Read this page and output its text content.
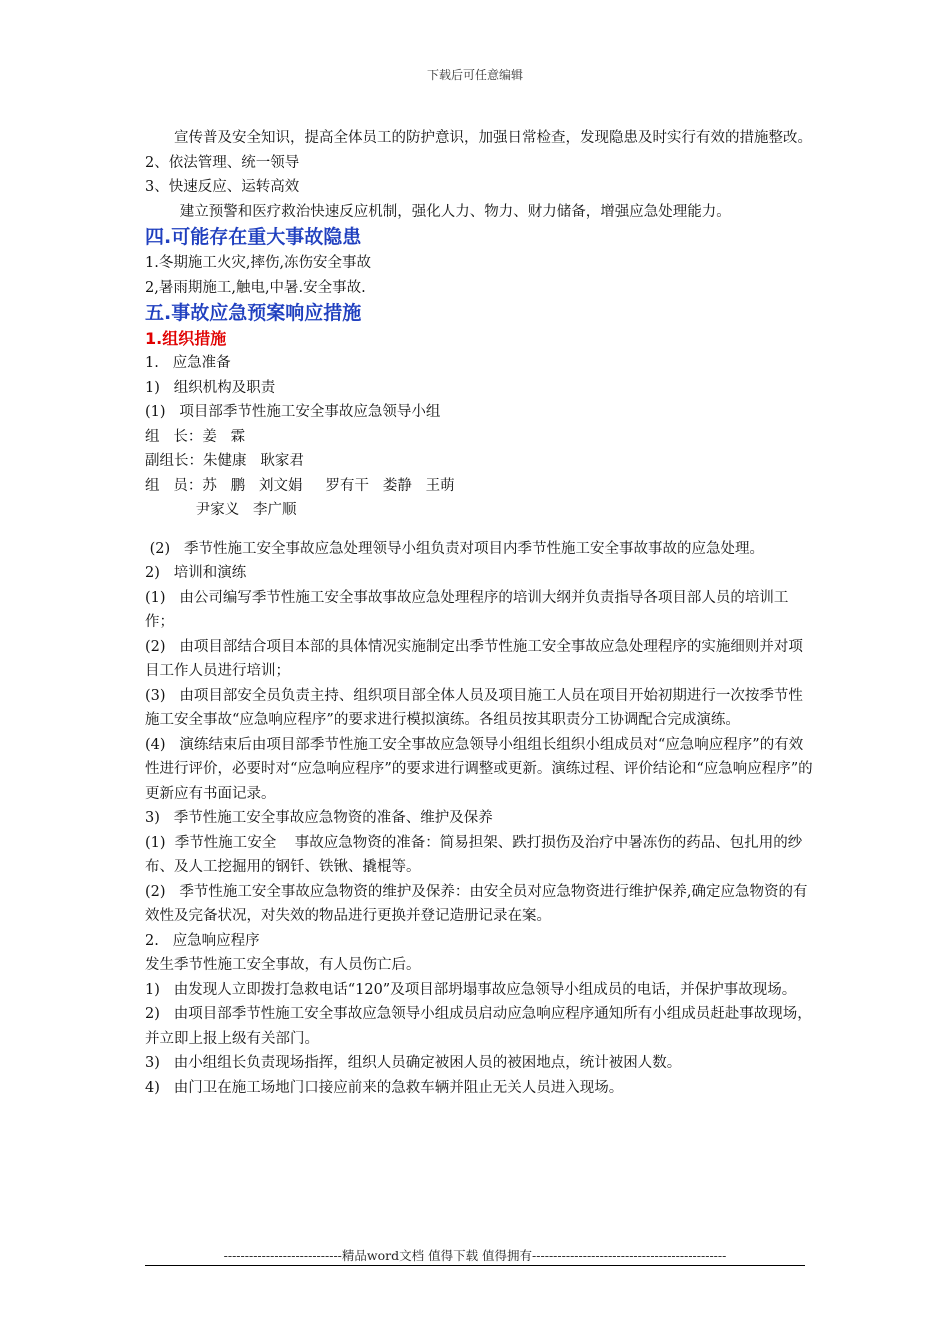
下载后可任意编辑
宣传普及安全知识，提高全体员工的防护意识，加强日常检查，发现隐患及时实行有效的措施整改。
2、依法管理、统一领导
3、快速反应、运转高效
建立预警和医疗救治快速反应机制，强化人力、物力、财力储备，增强应急处理能力。
四.可能存在重大事故隐患
1.冬期施工火灾,摔伤,冻伤安全事故
2,暑雨期施工,触电,中暑.安全事故.
五.事故应急预案响应措施
1.组织措施
1.   应急准备
1)   组织机构及职责
(1)   项目部季节性施工安全事故应急领导小组
组   长：姜   霖
副组长：朱健康   耿家君
组   员：苏   鹏   刘文娟     罗有干   娄静   王萌
尹家义   李广顺
(2)   季节性施工安全事故应急处理领导小组负责对项目内季节性施工安全事故事故的应急处理。
2)   培训和演练
(1)   由公司编写季节性施工安全事故事故应急处理程序的培训大纲并负责指导各项目部人员的培训工作；
(2)   由项目部结合项目本部的具体情况实施制定出季节性施工安全事故应急处理程序的实施细则并对项目工作人员进行培训；
(3)   由项目部安全员负责主持、组织项目部全体人员及项目施工人员在项目开始初期进行一次按季节性施工安全事故“应急响应程序”的要求进行模拟演练。各组员按其职责分工协调配合完成演练。
(4)   演练结束后由项目部季节性施工安全事故应急领导小组组长组织小组成员对“应急响应程序”的有效性进行评价，必要时对“应急响应程序”的要求进行调整或更新。演练过程、评价结论和“应急响应程序”的更新应有书面记录。
3)   季节性施工安全事故应急物资的准备、维护及保养
(1)  季节性施工安全    事故应急物资的准备：简易担架、跌打损伤及治疗中暑冻伤的药品、包扎用的纱布、及人工挖掘用的钢钎、铁锹、撬棍等。
(2)   季节性施工安全事故应急物资的维护及保养：由安全员对应急物资进行维护保养,确定应急物资的有效性及完备状况，对失效的物品进行更换并登记造册记录在案。
2.   应急响应程序
发生季节性施工安全事故，有人员伤亡后。
1)   由发现人立即拨打急救电话“120”及项目部坍塌事故应急领导小组成员的电话，并保护事故现场。
2)   由项目部季节性施工安全事故应急领导小组成员启动应急响应程序通知所有小组成员赶赴事故现场，并立即上报上级有关部门。
3)   由小组组长负责现场指挥，组织人员确定被困人员的被困地点，统计被困人数。
4)   由门卫在施工场地门口接应前来的急救车辆并阻止无关人员进入现场。
----------------------------精品word文档 值得下载 值得拥有----------------------------------------------
